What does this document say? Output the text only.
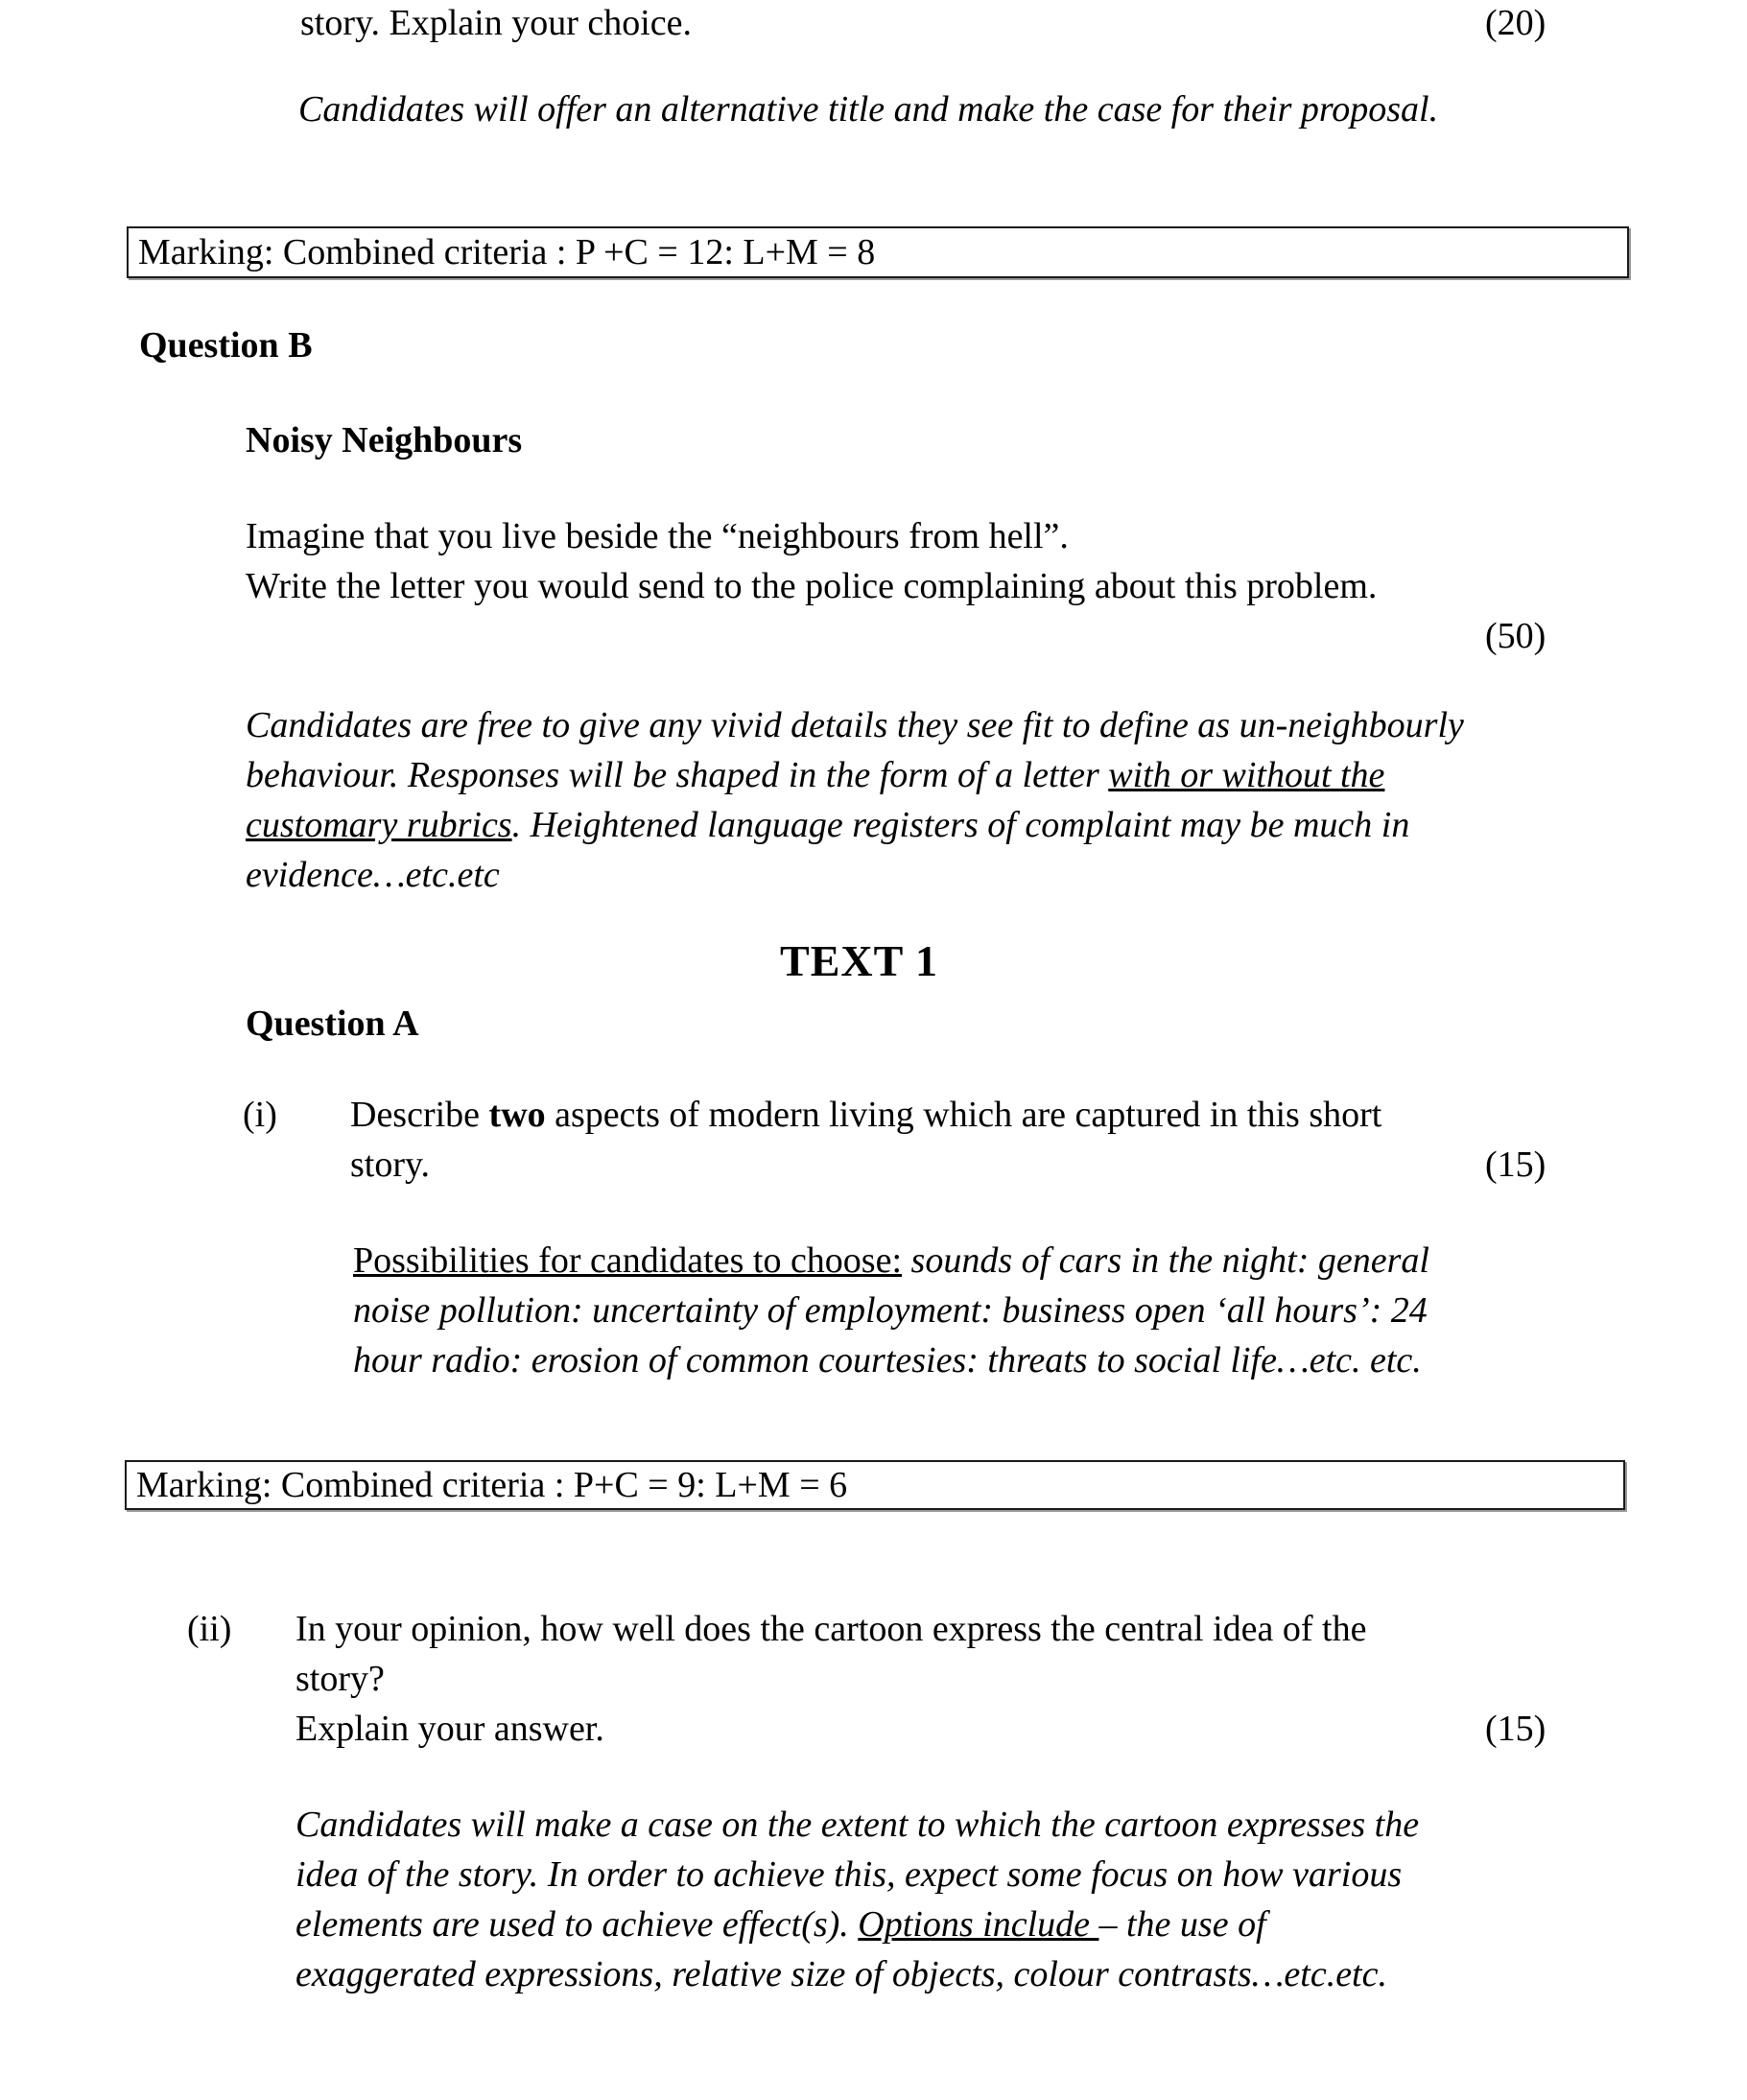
story. Explain your choice.	(20)
Candidates will offer an alternative title and make the case for their proposal.
Marking: Combined criteria : P +C = 12: L+M = 8
Question B
Noisy Neighbours
Imagine that you live beside the “neighbours from hell”.
Write the letter you would send to the police complaining about this problem.
(50)
Candidates are free to give any vivid details they see fit to define as un-neighbourly
behaviour. Responses will be shaped in the form of a letter with or without the
customary rubrics. Heightened language registers of complaint may be much in
evidence…etc.etc
TEXT 1
Question A
(i) Describe two aspects of modern living which are captured in this short
story.	(15)
Possibilities for candidates to choose: sounds of cars in the night: general
noise pollution: uncertainty of employment: business open ‘all hours’: 24
hour radio: erosion of common courtesies: threats to social life…etc. etc.
Marking: Combined criteria : P+C = 9: L+M = 6
(ii) In your opinion, how well does the cartoon express the central idea of the
story?
Explain your answer.	(15)
Candidates will make a case on the extent to which the cartoon expresses the
idea of the story. In order to achieve this, expect some focus on how various
elements are used to achieve effect(s). Options include – the use of
exaggerated expressions, relative size of objects, colour contrasts…etc.etc.
